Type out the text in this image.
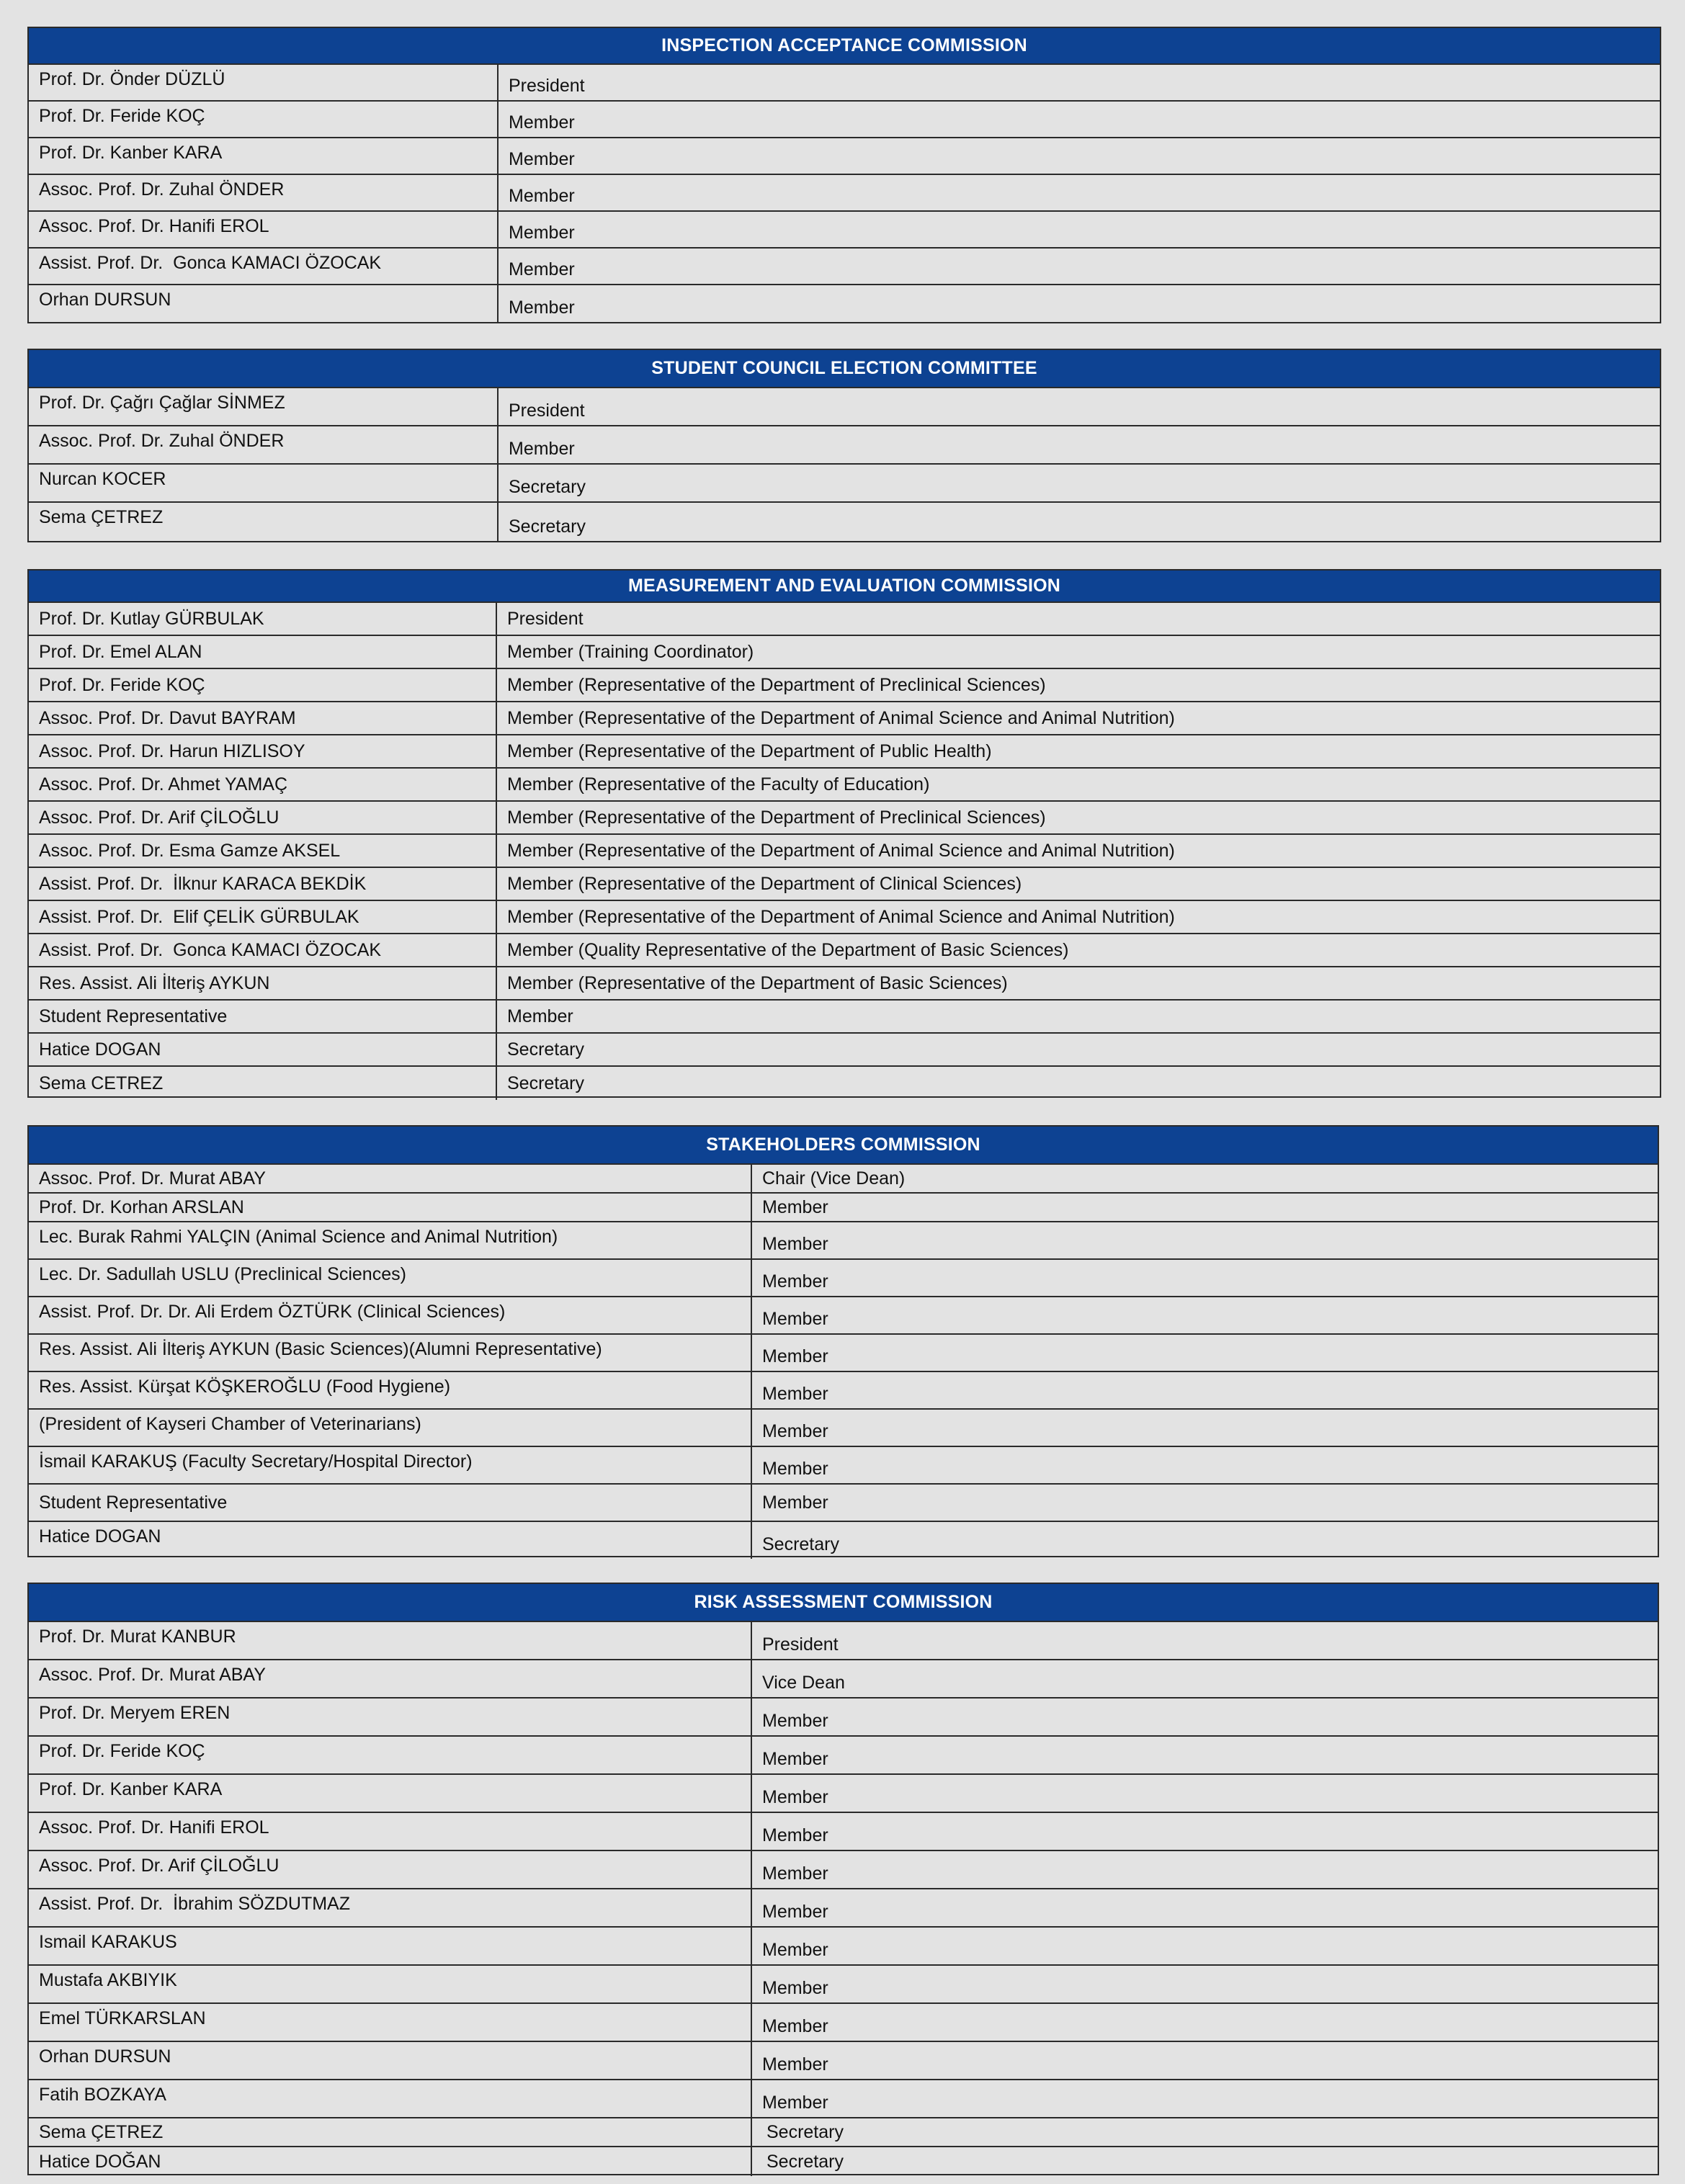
INSPECTION ACCEPTANCE COMMISSION
Prof. Dr. Önder DÜZLÜ	President
Prof. Dr. Feride KOÇ	Member
Prof. Dr. Kanber KARA	Member
Assoc. Prof. Dr. Zuhal ÖNDER	Member
Assoc. Prof. Dr. Hanifi EROL	Member
Assist. Prof. Dr.  Gonca KAMACI ÖZOCAK	Member
Orhan DURSUN	Member
STUDENT COUNCIL ELECTION COMMITTEE
Prof. Dr. Çağrı Çağlar SİNMEZ	President
Assoc. Prof. Dr. Zuhal ÖNDER	Member
Nurcan KOCER	Secretary
Sema ÇETREZ	Secretary
MEASUREMENT AND EVALUATION COMMISSION
Prof. Dr. Kutlay GÜRBULAK	President
Prof. Dr. Emel ALAN	Member (Training Coordinator)
Prof. Dr. Feride KOÇ	Member (Representative of the Department of Preclinical Sciences)
Assoc. Prof. Dr. Davut BAYRAM	Member (Representative of the Department of Animal Science and Animal Nutrition)
Assoc. Prof. Dr. Harun HIZLISOY	Member (Representative of the Department of Public Health)
Assoc. Prof. Dr. Ahmet YAMAÇ	Member (Representative of the Faculty of Education)
Assoc. Prof. Dr. Arif ÇİLOĞLU	Member (Representative of the Department of Preclinical Sciences)
Assoc. Prof. Dr. Esma Gamze AKSEL	Member (Representative of the Department of Animal Science and Animal Nutrition)
Assist. Prof. Dr.  İlknur KARACA BEKDİK	Member (Representative of the Department of Clinical Sciences)
Assist. Prof. Dr.  Elif ÇELİK GÜRBULAK	Member (Representative of the Department of Animal Science and Animal Nutrition)
Assist. Prof. Dr.  Gonca KAMACI ÖZOCAK	Member (Quality Representative of the Department of Basic Sciences)
Res. Assist. Ali İlteriş AYKUN	Member (Representative of the Department of Basic Sciences)
Student Representative	Member
Hatice DOGAN	Secretary
Sema CETREZ	Secretary
STAKEHOLDERS COMMISSION
Assoc. Prof. Dr. Murat ABAY	Chair (Vice Dean)
Prof. Dr. Korhan ARSLAN	Member
Lec. Burak Rahmi YALÇIN (Animal Science and Animal Nutrition)	Member
Lec. Dr. Sadullah USLU (Preclinical Sciences)	Member
Assist. Prof. Dr. Dr. Ali Erdem ÖZTÜRK (Clinical Sciences)	Member
Res. Assist. Ali İlteriş AYKUN (Basic Sciences)(Alumni Representative)	Member
Res. Assist. Kürşat KÖŞKEROĞLU (Food Hygiene)	Member
(President of Kayseri Chamber of Veterinarians)	Member
İsmail KARAKUŞ (Faculty Secretary/Hospital Director)	Member
Student Representative	Member
Hatice DOGAN	Secretary
RISK ASSESSMENT COMMISSION
Prof. Dr. Murat KANBUR	President
Assoc. Prof. Dr. Murat ABAY	Vice Dean
Prof. Dr. Meryem EREN	Member
Prof. Dr. Feride KOÇ	Member
Prof. Dr. Kanber KARA	Member
Assoc. Prof. Dr. Hanifi EROL	Member
Assoc. Prof. Dr. Arif ÇİLOĞLU	Member
Assist. Prof. Dr.  İbrahim SÖZDUTMAZ	Member
Ismail KARAKUS	Member
Mustafa AKBIYIK	Member
Emel TÜRKARSLAN	Member
Orhan DURSUN	Member
Fatih BOZKAYA	Member
Sema ÇETREZ	Secretary
Hatice DOĞAN	Secretary
